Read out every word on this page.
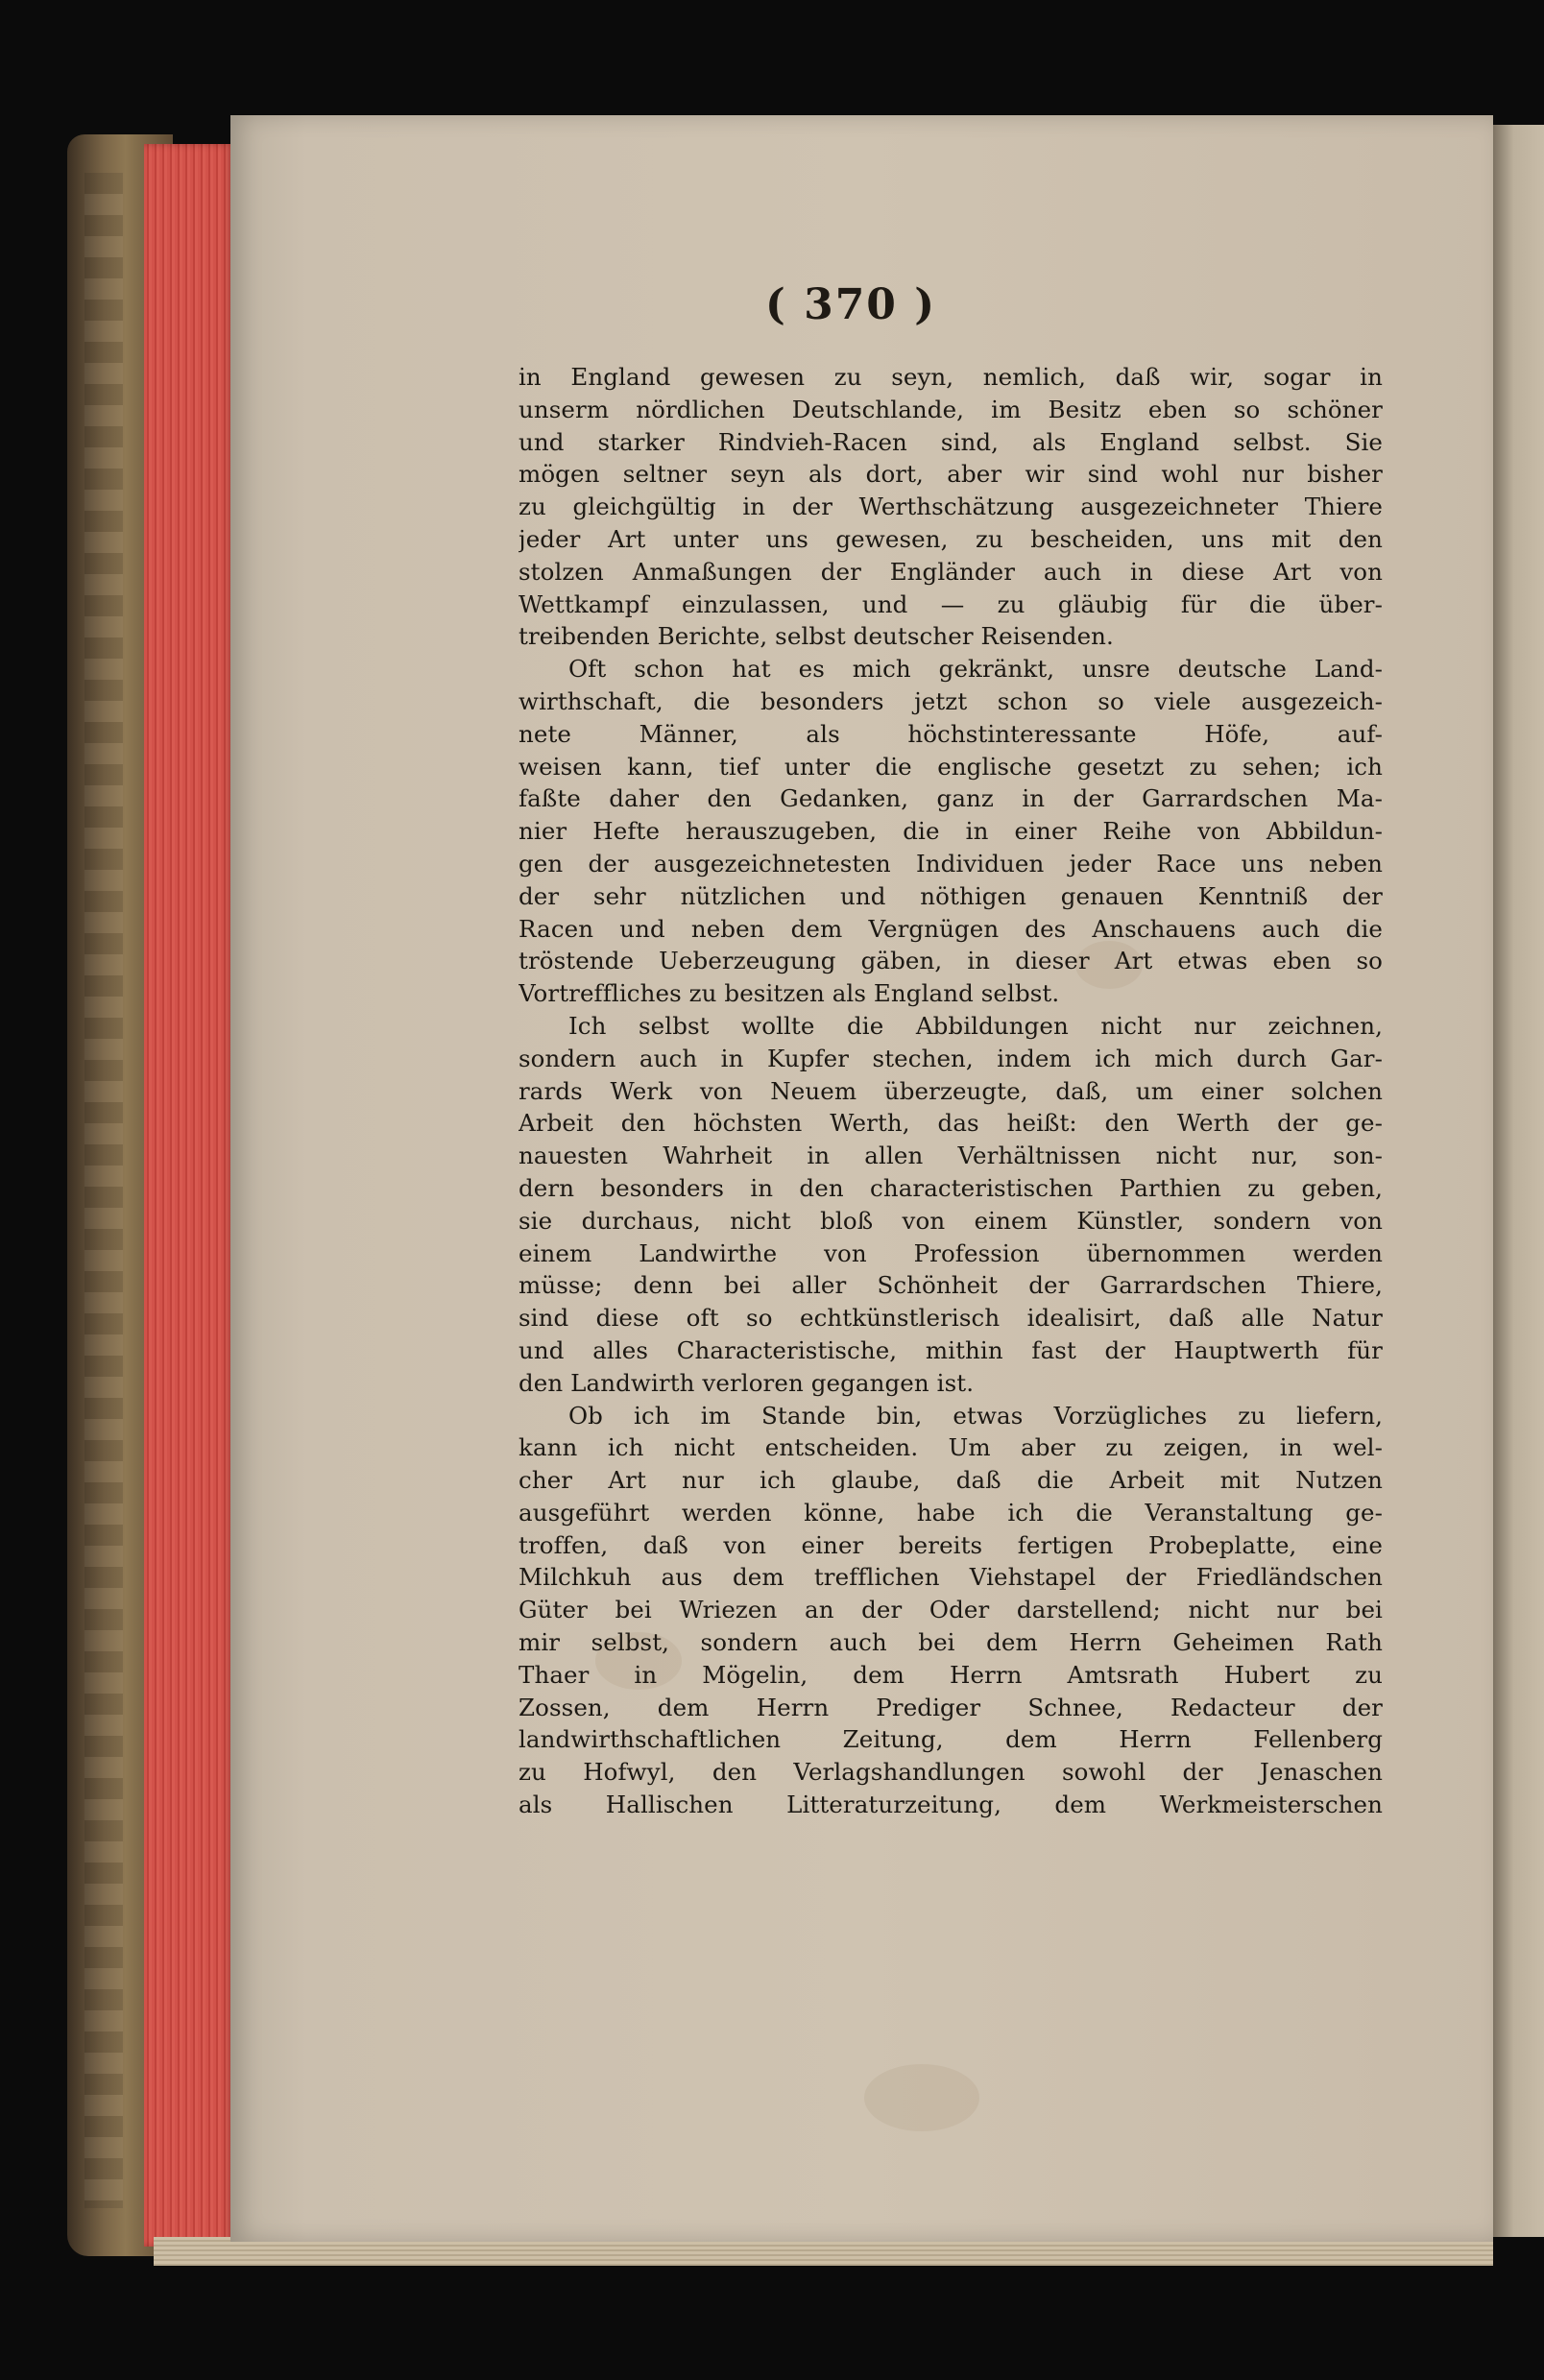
( 370 )
in England gewesen zu seyn, nemlich, daß wir, sogar in
unserm nördlichen Deutschlande, im Besitz eben so schöner
und starker Rindvieh-Racen sind, als England selbst. Sie
mögen seltner seyn als dort, aber wir sind wohl nur bisher
zu gleichgültig in der Werthschätzung ausgezeichneter Thiere
jeder Art unter uns gewesen, zu bescheiden, uns mit den
stolzen Anmaßungen der Engländer auch in diese Art von
Wettkampf einzulassen, und — zu gläubig für die über-
treibenden Berichte, selbst deutscher Reisenden.
Oft schon hat es mich gekränkt, unsre deutsche Land-
wirthschaft, die besonders jetzt schon so viele ausgezeich-
nete Männer, als höchstinteressante Höfe, auf-
weisen kann, tief unter die englische gesetzt zu sehen; ich
faßte daher den Gedanken, ganz in der Garrardschen Ma-
nier Hefte herauszugeben, die in einer Reihe von Abbildun-
gen der ausgezeichnetesten Individuen jeder Race uns neben
der sehr nützlichen und nöthigen genauen Kenntniß der
Racen und neben dem Vergnügen des Anschauens auch die
tröstende Ueberzeugung gäben, in dieser Art etwas eben so
Vortreffliches zu besitzen als England selbst.
Ich selbst wollte die Abbildungen nicht nur zeichnen,
sondern auch in Kupfer stechen, indem ich mich durch Gar-
rards Werk von Neuem überzeugte, daß, um einer solchen
Arbeit den höchsten Werth, das heißt: den Werth der ge-
nauesten Wahrheit in allen Verhältnissen nicht nur, son-
dern besonders in den characteristischen Parthien zu geben,
sie durchaus, nicht bloß von einem Künstler, sondern von
einem Landwirthe von Profession übernommen werden
müsse; denn bei aller Schönheit der Garrardschen Thiere,
sind diese oft so echtkünstlerisch idealisirt, daß alle Natur
und alles Characteristische, mithin fast der Hauptwerth für
den Landwirth verloren gegangen ist.
Ob ich im Stande bin, etwas Vorzügliches zu liefern,
kann ich nicht entscheiden. Um aber zu zeigen, in wel-
cher Art nur ich glaube, daß die Arbeit mit Nutzen
ausgeführt werden könne, habe ich die Veranstaltung ge-
troffen, daß von einer bereits fertigen Probeplatte, eine
Milchkuh aus dem trefflichen Viehstapel der Friedländschen
Güter bei Wriezen an der Oder darstellend; nicht nur bei
mir selbst, sondern auch bei dem Herrn Geheimen Rath
Thaer in Mögelin, dem Herrn Amtsrath Hubert zu
Zossen, dem Herrn Prediger Schnee, Redacteur der
landwirthschaftlichen Zeitung, dem Herrn Fellenberg
zu Hofwyl, den Verlagshandlungen sowohl der Jenaschen
als Hallischen Litteraturzeitung, dem Werkmeisterschen
